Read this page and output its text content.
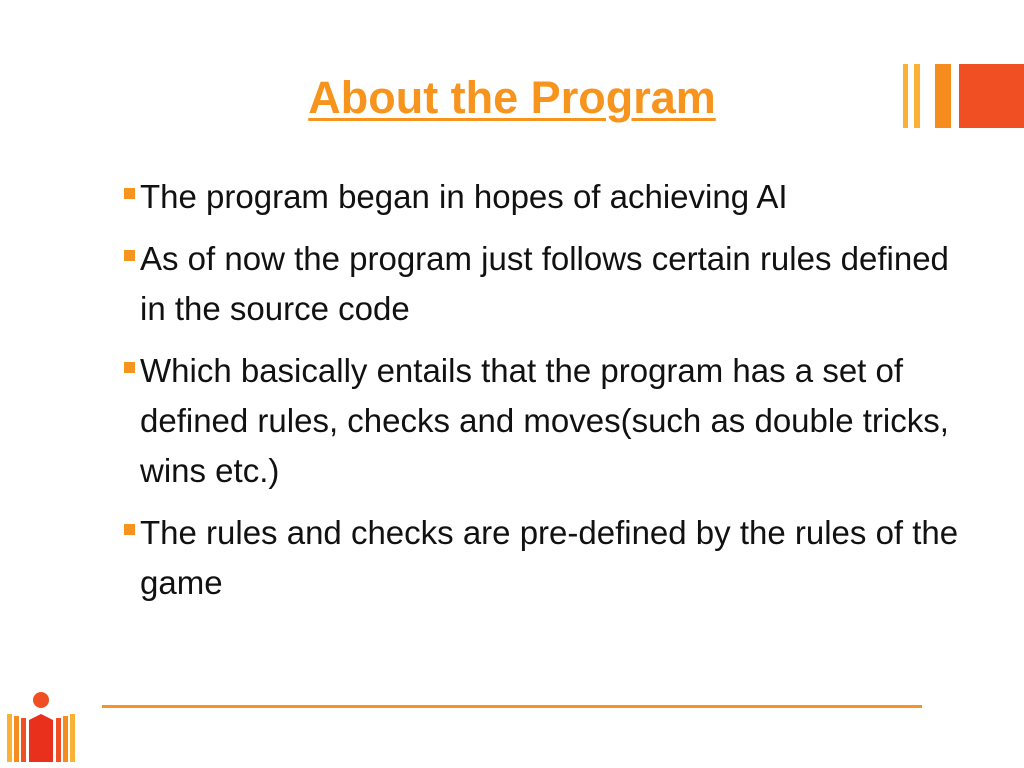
About the Program
The program began in hopes of achieving AI
As of now the program just follows certain rules defined in the source code
Which basically entails that the program has a set of defined rules, checks and moves(such as double tricks, wins etc.)
The rules and checks are pre-defined by the rules of the game
